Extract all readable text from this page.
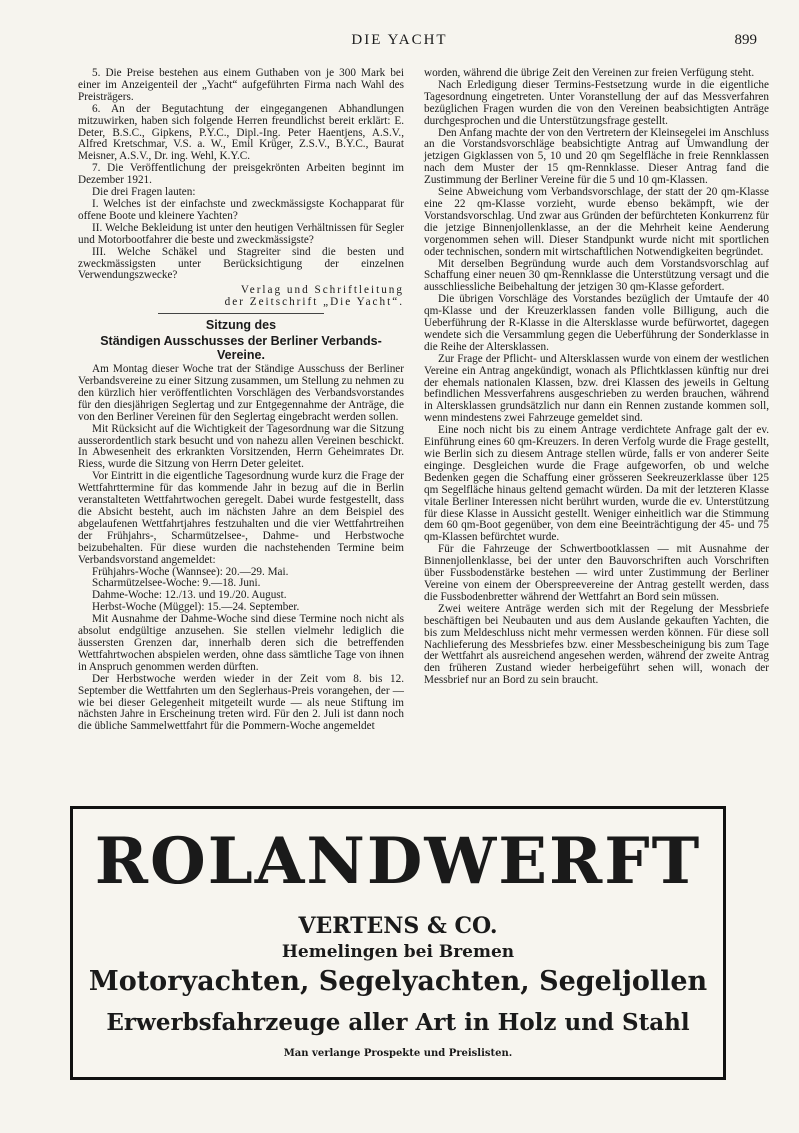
DIE YACHT	899

5. Die Preise bestehen aus einem Guthaben von je 300 Mark bei einer im Anzeigenteil der „Yacht“ aufgeführten Firma nach Wahl des Preisträgers.

6. An der Begutachtung der eingegangenen Abhandlungen mitzuwirken, haben sich folgende Herren freundlichst bereit erklärt: E. Deter, B.S.C., Gipkens, P.Y.C., Dipl.-Ing. Peter Haentjens, A.S.V., Alfred Kretschmar, V.S. a. W., Emil Krüger, Z.S.V., B.Y.C., Baurat Meisner, A.S.V., Dr. ing. Wehl, K.Y.C.

7. Die Veröffentlichung der preisgekrönten Arbeiten beginnt im Dezember 1921.

Die drei Fragen lauten:

I. Welches ist der einfachste und zweckmässigste Kochapparat für offene Boote und kleinere Yachten?

II. Welche Bekleidung ist unter den heutigen Verhältnissen für Segler und Motorbootfahrer die beste und zweckmässigste?

III. Welche Schäkel und Stagreiter sind die besten und zweckmässigsten unter Berücksichtigung der einzelnen Verwendungszwecke?

Verlag und Schriftleitung

der Zeitschrift „Die Yacht“.

Sitzung des
Ständigen Ausschusses der Berliner Verbands-Vereine.

Am Montag dieser Woche trat der Ständige Ausschuss der Berliner Verbandsvereine zu einer Sitzung zusammen, um Stellung zu nehmen zu den kürzlich hier veröffentlichten Vorschlägen des Verbandsvorstandes für den diesjährigen Seglertag und zur Entgegennahme der Anträge, die von den Berliner Vereinen für den Seglertag eingebracht werden sollen.

Mit Rücksicht auf die Wichtigkeit der Tagesordnung war die Sitzung ausserordentlich stark besucht und von nahezu allen Vereinen beschickt. In Abwesenheit des erkrankten Vorsitzenden, Herrn Geheimrates Dr. Riess, wurde die Sitzung von Herrn Deter geleitet.

Vor Eintritt in die eigentliche Tagesordnung wurde kurz die Frage der Wettfahrttermine für das kommende Jahr in bezug auf die in Berlin veranstalteten Wettfahrtwochen geregelt. Dabei wurde festgestellt, dass die Absicht besteht, auch im nächsten Jahre an dem Beispiel des abgelaufenen Wettfahrtjahres festzuhalten und die vier Wettfahrtreihen der Frühjahrs-, Scharmützelsee-, Dahme- und Herbstwoche beizubehalten. Für diese wurden die nachstehenden Termine beim Verbandsvorstand angemeldet:

Frühjahrs-Woche (Wannsee): 20.—29. Mai.

Scharmützelsee-Woche: 9.—18. Juni.

Dahme-Woche: 12./13. und 19./20. August.

Herbst-Woche (Müggel): 15.—24. September.

Mit Ausnahme der Dahme-Woche sind diese Termine noch nicht als absolut endgültige anzusehen. Sie stellen vielmehr lediglich die äussersten Grenzen dar, innerhalb deren sich die betreffenden Wettfahrtwochen abspielen werden, ohne dass sämtliche Tage von ihnen in Anspruch genommen werden dürften.

Der Herbstwoche werden wieder in der Zeit vom 8. bis 12. September die Wettfahrten um den Seglerhaus-Preis vorangehen, der — wie bei dieser Gelegenheit mitgeteilt wurde — als neue Stiftung im nächsten Jahre in Erscheinung treten wird. Für den 2. Juli ist dann noch die übliche Sammelwettfahrt für die Pommern-Woche angemeldet

worden, während die übrige Zeit den Vereinen zur freien Verfügung steht.

Nach Erledigung dieser Termins-Festsetzung wurde in die eigentliche Tagesordnung eingetreten. Unter Voranstellung der auf das Messverfahren bezüglichen Fragen wurden die von den Vereinen beabsichtigten Anträge durchgesprochen und die Unterstützungsfrage gestellt.

Den Anfang machte der von den Vertretern der Kleinsegelei im Anschluss an die Vorstandsvorschläge beabsichtigte Antrag auf Umwandlung der jetzigen Gigklassen von 5, 10 und 20 qm Segelfläche in freie Rennklassen nach dem Muster der 15 qm-Rennklasse. Dieser Antrag fand die Zustimmung der Berliner Vereine für die 5 und 10 qm-Klassen.

Seine Abweichung vom Verbandsvorschlage, der statt der 20 qm-Klasse eine 22 qm-Klasse vorzieht, wurde ebenso bekämpft, wie der Vorstandsvorschlag. Und zwar aus Gründen der befürchteten Konkurrenz für die jetzige Binnenjollenklasse, an der die Mehrheit keine Aenderung vorgenommen sehen will. Dieser Standpunkt wurde nicht mit sportlichen oder technischen, sondern mit wirtschaftlichen Notwendigkeiten begründet.

Mit derselben Begründung wurde auch dem Vorstandsvorschlag auf Schaffung einer neuen 30 qm-Rennklasse die Unterstützung versagt und die ausschliessliche Beibehaltung der jetzigen 30 qm-Klasse gefordert.

Die übrigen Vorschläge des Vorstandes bezüglich der Umtaufe der 40 qm-Klasse und der Kreuzerklassen fanden volle Billigung, auch die Ueberführung der R-Klasse in die Altersklasse wurde befürwortet, dagegen wendete sich die Versammlung gegen die Ueberführung der Sonderklasse in die Reihe der Altersklassen.

Zur Frage der Pflicht- und Altersklassen wurde von einem der westlichen Vereine ein Antrag angekündigt, wonach als Pflichtklassen künftig nur drei der ehemals nationalen Klassen, bzw. drei Klassen des jeweils in Geltung befindlichen Messverfahrens ausgeschrieben zu werden brauchen, während in Altersklassen grundsätzlich nur dann ein Rennen zustande kommen soll, wenn mindestens zwei Fahrzeuge gemeldet sind.

Eine noch nicht bis zu einem Antrage verdichtete Anfrage galt der ev. Einführung eines 60 qm-Kreuzers. In deren Verfolg wurde die Frage gestellt, wie Berlin sich zu diesem Antrage stellen würde, falls er von anderer Seite einginge. Desgleichen wurde die Frage aufgeworfen, ob und welche Bedenken gegen die Schaffung einer grösseren Seekreuzerklasse über 125 qm Segelfläche hinaus geltend gemacht würden. Da mit der letzteren Klasse vitale Berliner Interessen nicht berührt wurden, wurde die ev. Unterstützung für diese Klasse in Aussicht gestellt. Weniger einheitlich war die Stimmung dem 60 qm-Boot gegenüber, von dem eine Beeinträchtigung der 45- und 75 qm-Klassen befürchtet wurde.

Für die Fahrzeuge der Schwertbootklassen — mit Ausnahme der Binnenjollenklasse, bei der unter den Bauvorschriften auch Vorschriften über Fussbodenstärke bestehen — wird unter Zustimmung der Berliner Vereine von einem der Oberspreevereine der Antrag gestellt werden, dass die Fussbodenbretter während der Wettfahrt an Bord sein müssen.

Zwei weitere Anträge werden sich mit der Regelung der Messbriefe beschäftigen bei Neubauten und aus dem Auslande gekauften Yachten, die bis zum Meldeschluss nicht mehr vermessen werden können. Für diese soll Nachlieferung des Messbriefes bzw. einer Messbescheinigung bis zum Tage der Wettfahrt als ausreichend angesehen werden, während der zweite Antrag den früheren Zustand wieder herbeigeführt sehen will, wonach der Messbrief nur an Bord zu sein braucht.

ROLANDWERFT
VERTENS & CO.
Hemelingen bei Bremen
Motoryachten, Segelyachten, Segeljollen
Erwerbsfahrzeuge aller Art in Holz und Stahl
Man verlange Prospekte und Preislisten.
